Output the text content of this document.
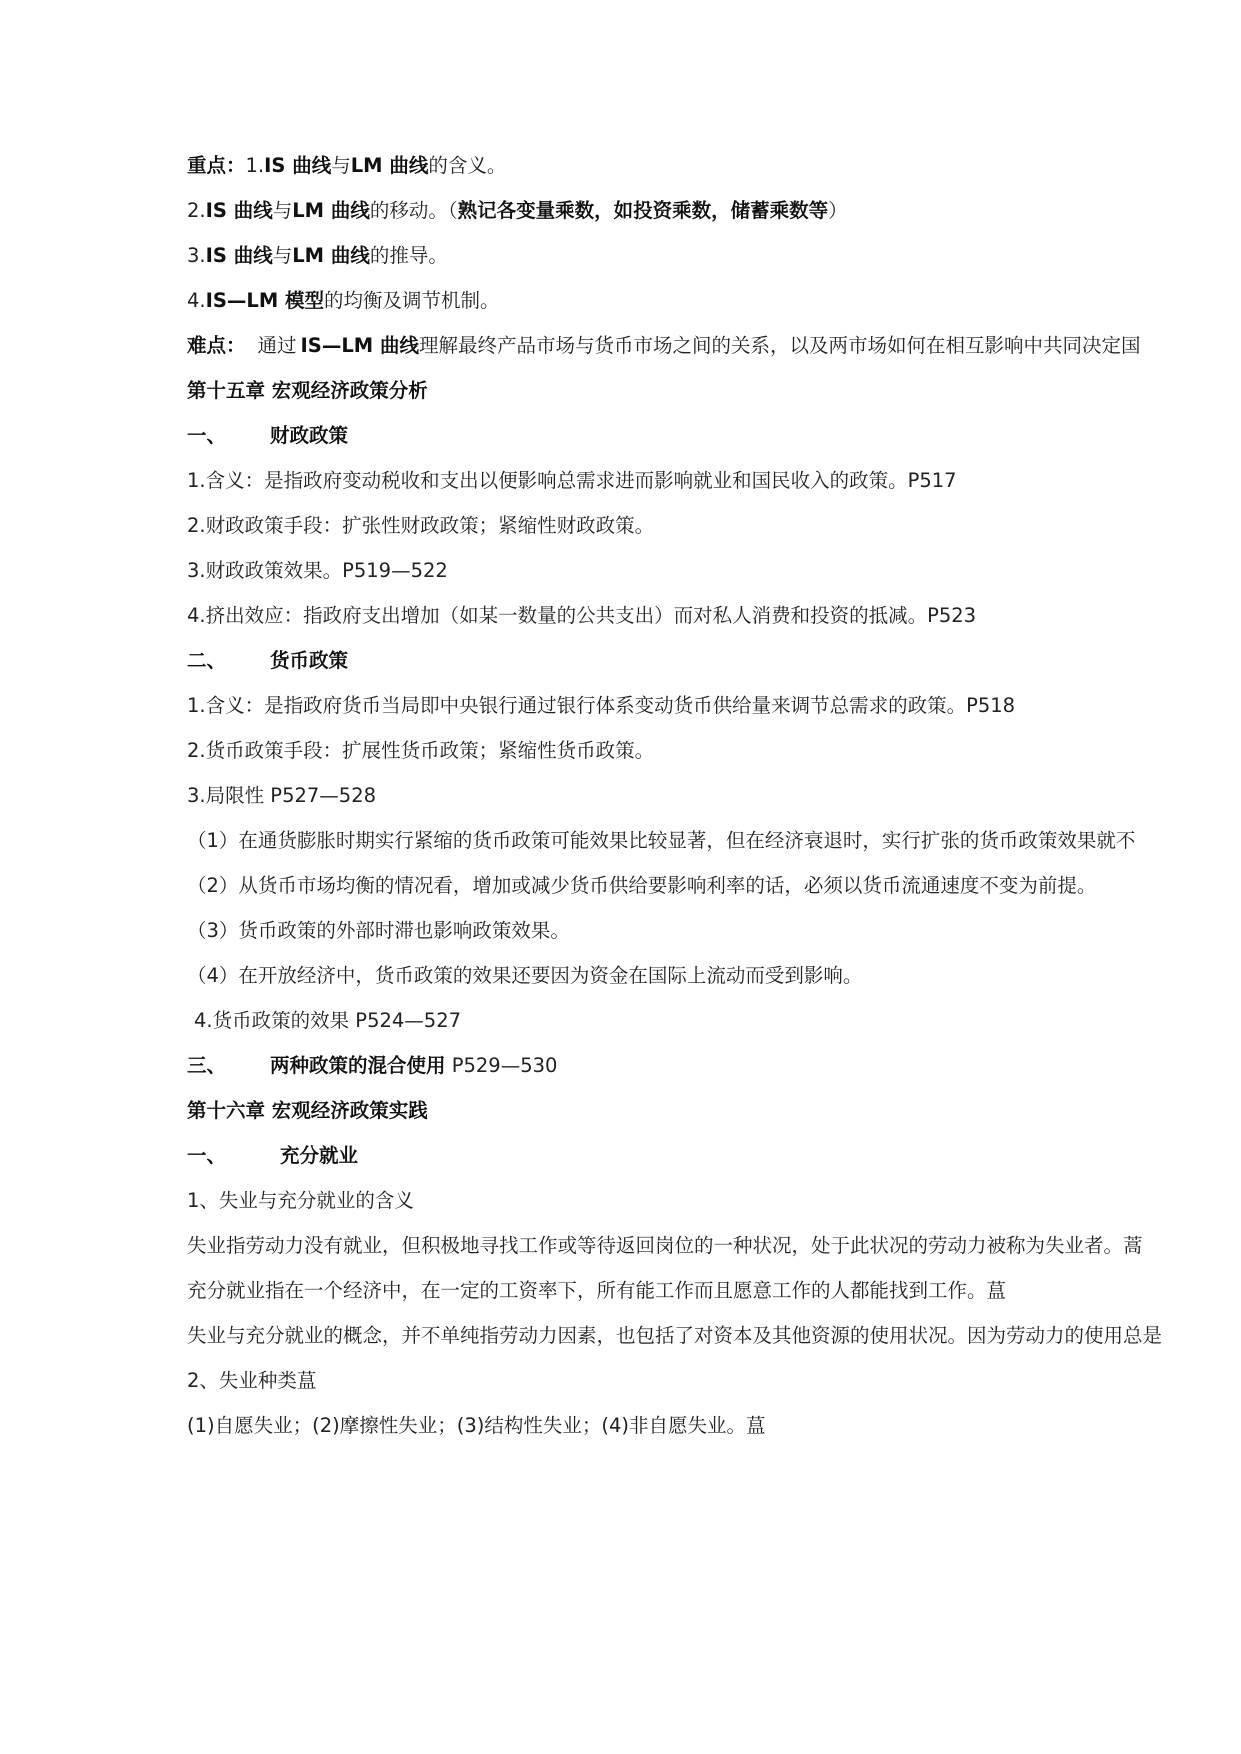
重点：1.IS 曲线与LM 曲线的含义。
2.IS 曲线与LM 曲线的移动。（熟记各变量乘数，如投资乘数，储蓄乘数等）
3.IS 曲线与LM 曲线的推导。
4.IS—LM 模型的均衡及调节机制。
难点： 通过 IS—LM 曲线理解最终产品市场与货币市场之间的关系，以及两市场如何在相互影响中共同决定国
第十五章 宏观经济政策分析
一、 财政政策
1.含义：是指政府变动税收和支出以便影响总需求进而影响就业和国民收入的政策。P517
2.财政政策手段：扩张性财政政策；紧缩性财政政策。
3.财政政策效果。P519—522
4.挤出效应：指政府支出增加（如某一数量的公共支出）而对私人消费和投资的抵减。P523
二、 货币政策
1.含义：是指政府货币当局即中央银行通过银行体系变动货币供给量来调节总需求的政策。P518
2.货币政策手段：扩展性货币政策；紧缩性货币政策。
3.局限性 P527—528
（1）在通货膨胀时期实行紧缩的货币政策可能效果比较显著，但在经济衰退时，实行扩张的货币政策效果就不
（2）从货币市场均衡的情况看，增加或减少货币供给要影响利率的话，必须以货币流通速度不变为前提。
（3）货币政策的外部时滞也影响政策效果。
（4）在开放经济中，货币政策的效果还要因为资金在国际上流动而受到影响。
4.货币政策的效果 P524—527
三、 两种政策的混合使用 P529—530
第十六章 宏观经济政策实践
一、	充分就业
1、失业与充分就业的含义
失业指劳动力没有就业，但积极地寻找工作或等待返回岗位的一种状况，处于此状况的劳动力被称为失业者。蒿
充分就业指在一个经济中，在一定的工资率下，所有能工作而且愿意工作的人都能找到工作。蒀
失业与充分就业的概念，并不单纯指劳动力因素，也包括了对资本及其他资源的使用状况。因为劳动力的使用总是
2、失业种类蒀
(1)自愿失业；(2)摩擦性失业；(3)结构性失业；(4)非自愿失业。蒀
